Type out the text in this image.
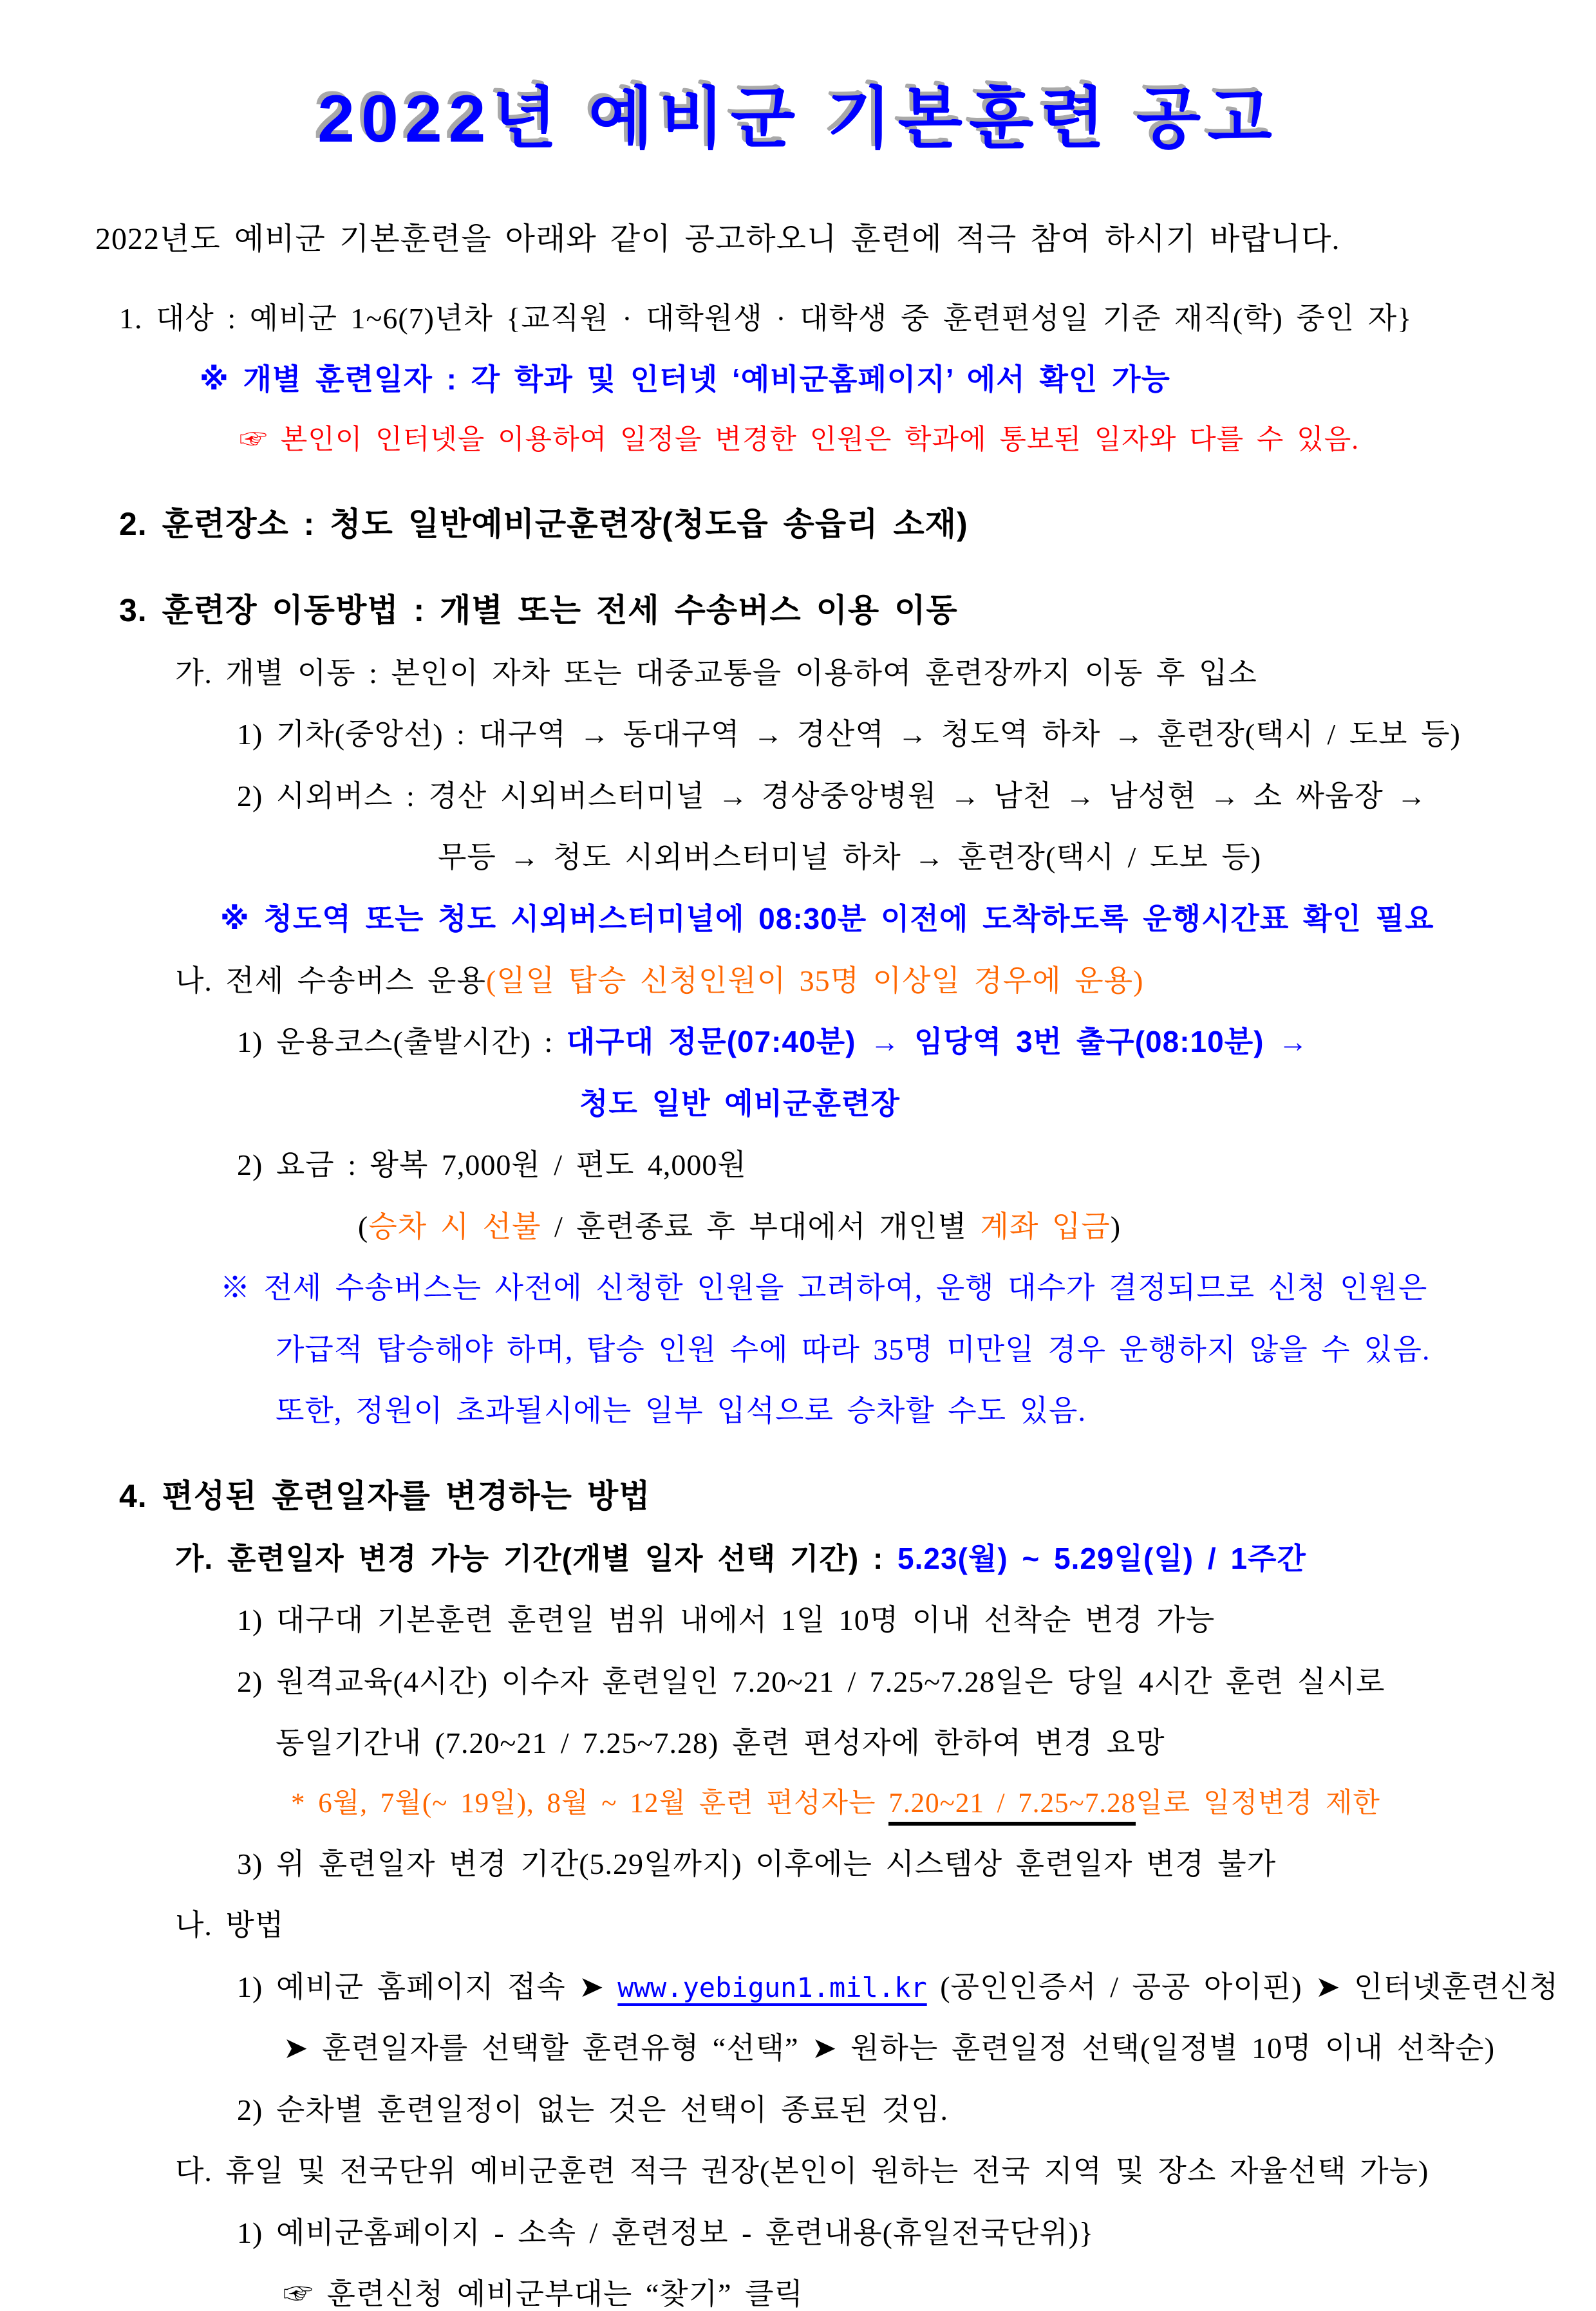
2022년 예비군 기본훈련 공고

2022년도 예비군 기본훈련을 아래와 같이 공고하오니 훈련에 적극 참여 하시기 바랍니다.

1. 대상 : 예비군 1~6(7)년차 {교직원 · 대학원생 · 대학생 중 훈련편성일 기준 재직(학) 중인 자}

※ 개별 훈련일자 : 각 학과 및 인터넷 ‘예비군홈페이지’ 에서 확인 가능

☞ 본인이 인터넷을 이용하여 일정을 변경한 인원은 학과에 통보된 일자와 다를 수 있음.

2. 훈련장소 : 청도 일반예비군훈련장(청도읍 송읍리 소재)

3. 훈련장 이동방법 : 개별 또는 전세 수송버스 이용 이동

가. 개별 이동 : 본인이 자차 또는 대중교통을 이용하여 훈련장까지 이동 후 입소

1) 기차(중앙선) : 대구역 → 동대구역 → 경산역 → 청도역 하차 → 훈련장(택시 / 도보 등)

2) 시외버스 : 경산 시외버스터미널 → 경상중앙병원 → 남천 → 남성현 → 소 싸움장 →

무등 → 청도 시외버스터미널 하차 → 훈련장(택시 / 도보 등)

※ 청도역 또는 청도 시외버스터미널에 08:30분 이전에 도착하도록 운행시간표 확인 필요

나. 전세 수송버스 운용(일일 탑승 신청인원이 35명 이상일 경우에 운용)

1) 운용코스(출발시간) : 대구대 정문(07:40분) → 임당역 3번 출구(08:10분) →

청도 일반 예비군훈련장

2) 요금 : 왕복 7,000원 / 편도 4,000원

(승차 시 선불 / 훈련종료 후 부대에서 개인별 계좌 입금)

※ 전세 수송버스는 사전에 신청한 인원을 고려하여, 운행 대수가 결정되므로 신청 인원은

가급적 탑승해야 하며, 탑승 인원 수에 따라 35명 미만일 경우 운행하지 않을 수 있음.

또한, 정원이 초과될시에는 일부 입석으로 승차할 수도 있음.

4. 편성된 훈련일자를 변경하는 방법

가. 훈련일자 변경 가능 기간(개별 일자 선택 기간) : 5.23(월) ~ 5.29일(일) / 1주간

1) 대구대 기본훈련 훈련일 범위 내에서 1일 10명 이내 선착순 변경 가능

2) 원격교육(4시간) 이수자 훈련일인 7.20~21 / 7.25~7.28일은 당일 4시간 훈련 실시로

동일기간내 (7.20~21 / 7.25~7.28) 훈련 편성자에 한하여 변경 요망

* 6월, 7월(~ 19일), 8월 ~ 12월 훈련 편성자는 7.20~21 / 7.25~7.28일로 일정변경 제한

3) 위 훈련일자 변경 기간(5.29일까지) 이후에는 시스템상 훈련일자 변경 불가

나. 방법

1) 예비군 홈페이지 접속 ➤ www.yebigun1.mil.kr (공인인증서 / 공공 아이핀) ➤ 인터넷훈련신청

➤ 훈련일자를 선택할 훈련유형 “선택” ➤ 원하는 훈련일정 선택(일정별 10명 이내 선착순)

2) 순차별 훈련일정이 없는 것은 선택이 종료된 것임.

다. 휴일 및 전국단위 예비군훈련 적극 권장(본인이 원하는 전국 지역 및 장소 자율선택 가능)

1) 예비군홈페이지 - 소속 / 훈련정보 - 훈련내용(휴일전국단위)}

☞ 훈련신청 예비군부대는 “찾기” 클릭
